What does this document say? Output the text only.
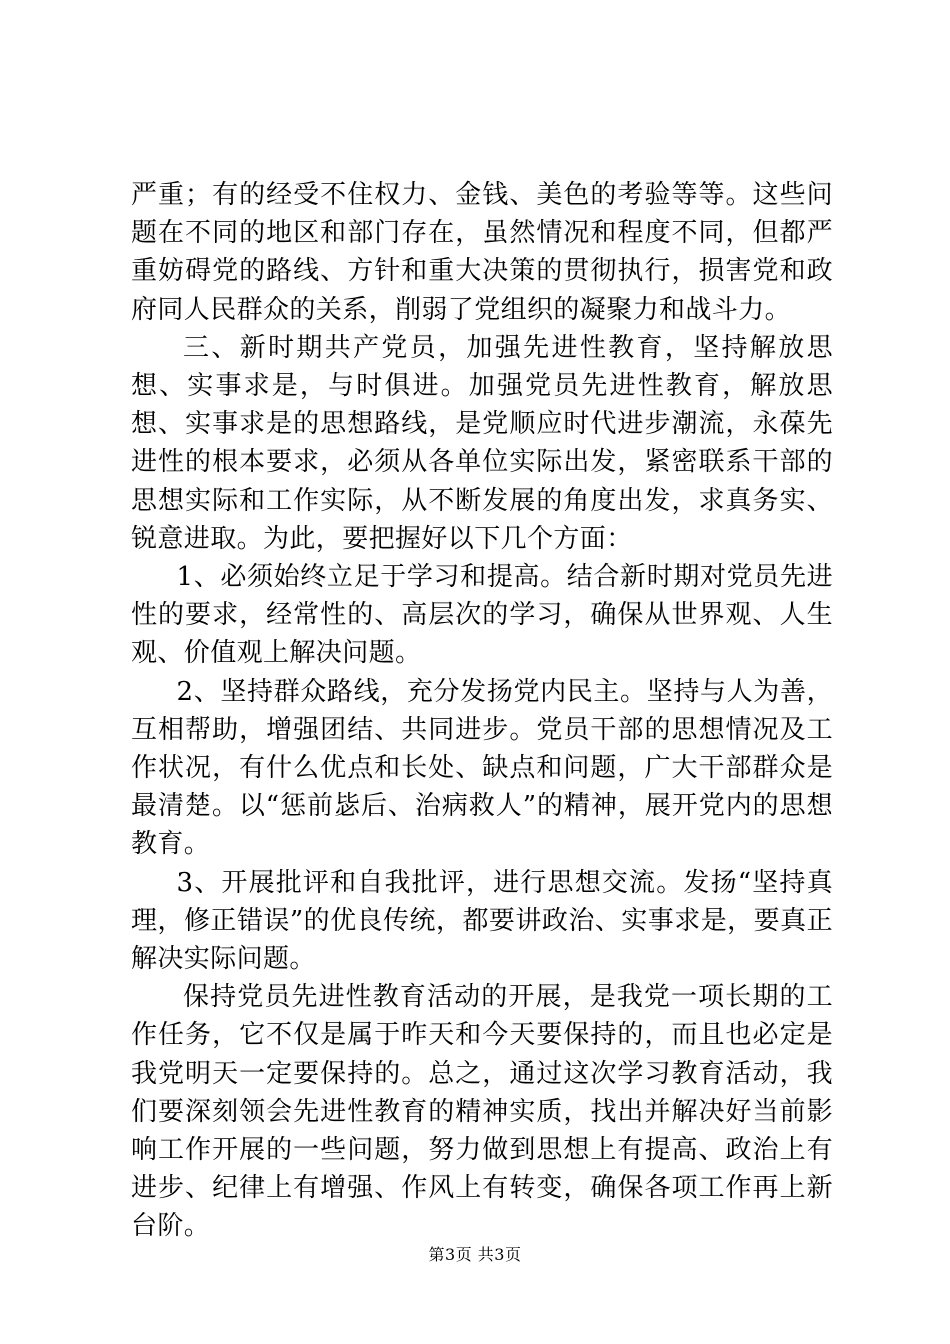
严重；有的经受不住权力、金钱、美色的考验等等。这些问题在不同的地区和部门存在，虽然情况和程度不同，但都严重妨碍党的路线、方针和重大决策的贯彻执行，损害党和政府同人民群众的关系，削弱了党组织的凝聚力和战斗力。

三、新时期共产党员，加强先进性教育，坚持解放思想、实事求是，与时俱进。加强党员先进性教育，解放思想、实事求是的思想路线，是党顺应时代进步潮流，永葆先进性的根本要求，必须从各单位实际出发，紧密联系干部的思想实际和工作实际，从不断发展的角度出发，求真务实、锐意进取。为此，要把握好以下几个方面：

1、必须始终立足于学习和提高。结合新时期对党员先进性的要求，经常性的、高层次的学习，确保从世界观、人生观、价值观上解决问题。

2、坚持群众路线，充分发扬党内民主。坚持与人为善，互相帮助，增强团结、共同进步。党员干部的思想情况及工作状况，有什么优点和长处、缺点和问题，广大干部群众是最清楚。以“惩前毖后、治病救人”的精神，展开党内的思想教育。

3、开展批评和自我批评，进行思想交流。发扬“坚持真理，修正错误”的优良传统，都要讲政治、实事求是，要真正解决实际问题。

保持党员先进性教育活动的开展，是我党一项长期的工作任务，它不仅是属于昨天和今天要保持的，而且也必定是我党明天一定要保持的。总之，通过这次学习教育活动，我们要深刻领会先进性教育的精神实质，找出并解决好当前影响工作开展的一些问题，努力做到思想上有提高、政治上有进步、纪律上有增强、作风上有转变，确保各项工作再上新台阶。

第3页 共3页
